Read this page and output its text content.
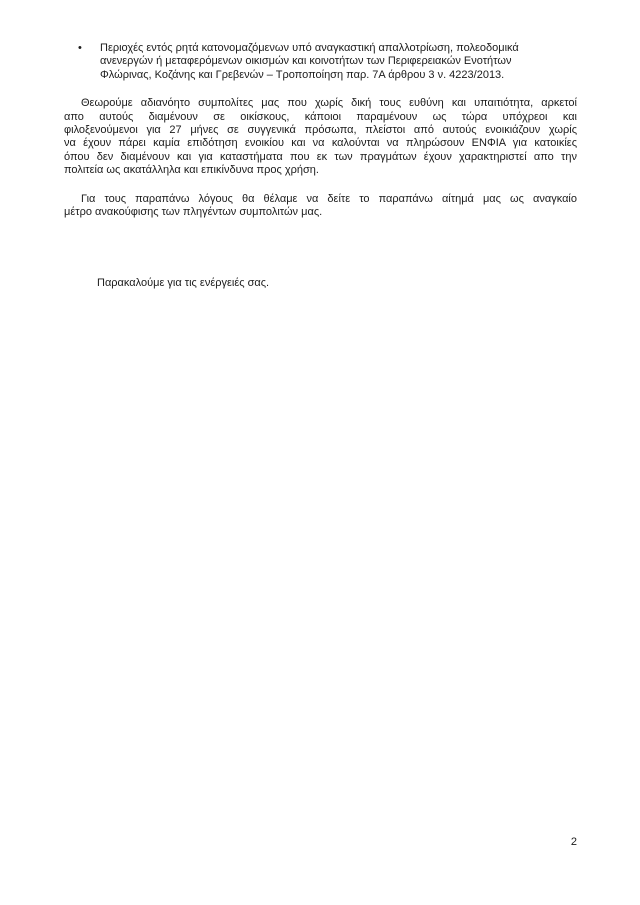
• Περιοχές εντός ρητά κατονομαζόμενων υπό αναγκαστική απαλλοτρίωση, πολεοδομικά
ανενεργών ή μεταφερόμενων οικισμών και κοινοτήτων των Περιφερειακών Ενοτήτων
Φλώρινας, Κοζάνης και Γρεβενών – Τροποποίηση παρ. 7Α άρθρου 3 ν. 4223/2013.
Θεωρούμε αδιανόητο συμπολίτες μας που χωρίς δική τους ευθύνη και υπαιτιότητα, αρκετοί
απο αυτούς διαμένουν σε οικίσκους, κάποιοι παραμένουν ως τώρα υπόχρεοι και
φιλοξενούμενοι για 27 μήνες σε συγγενικά πρόσωπα, πλείστοι από αυτούς ενοικιάζουν χωρίς
να έχουν πάρει καμία επιδότηση ενοικίου και να καλούνται να πληρώσουν ΕΝΦΙΑ για κατοικίες
όπου δεν διαμένουν και για καταστήματα που εκ των πραγμάτων έχουν χαρακτηριστεί απο την
πολιτεία ως ακατάλληλα και επικίνδυνα προς χρήση.
Για τους παραπάνω λόγους θα θέλαμε να δείτε το παραπάνω αίτημά μας ως αναγκαίο
μέτρο ανακούφισης των πληγέντων συμπολιτών μας.
Παρακαλούμε για τις ενέργειές σας.
2
